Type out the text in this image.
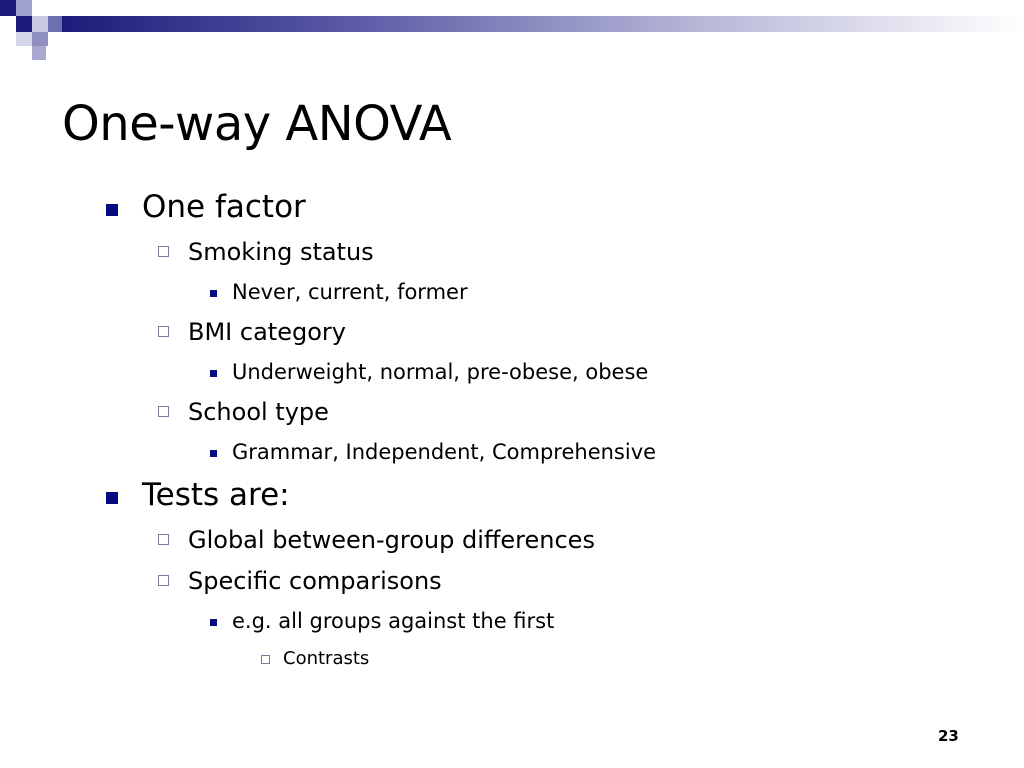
One-way ANOVA
One factor
Smoking status
Never, current, former
BMI category
Underweight, normal, pre-obese, obese
School type
Grammar, Independent, Comprehensive
Tests are:
Global between-group differences
Specific comparisons
e.g. all groups against the first
Contrasts
23
